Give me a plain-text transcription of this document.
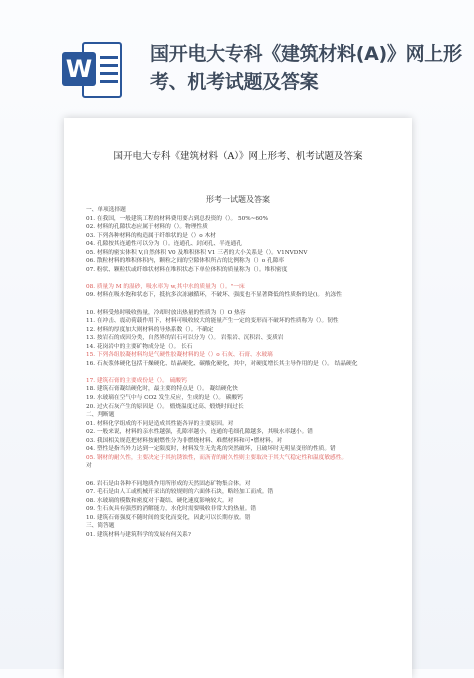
W
国开电大专科《建筑材料(A)》网上形考、机考试题及答案
国开电大专科《建筑材料（A）》网上形考、机考试题及答案
形考一试题及答案
一、单项选择题
01. 在我国，一般建筑工程的材料费用要占到总投资的（）。 50%~60%
02. 材料的孔隙状态应属于材料的（）。物理性质
03. 下列各种材料的构造属于纤维状的是（）o 木材
04. 孔隙按其连通性可以分为（）。连通孔、封闭孔、半连通孔
05. 材料的密实体积 V,自然体积 V0 及堆积体积 V1 三者的大小关系是（）。V1NVDNV
06. 散粒材料的堆积体积内，颗粒之间的空隙体积所占的比例称为（）o 孔隙率
07. 粉状、颗粒状或纤维状材料在堆积状态下单位体积的质量称为（）。堆积密度

08. 质量为 M 的湿砂，吸水率为 w,其中水的质量为（）。"一床
09. 材料在吸水饱和状态下，抵抗多次冻融循环，不破坏、强度也不显著降低的性质指的是()。 抗冻性

10. 材料受热时吸收热量，冷却时放出热量的性质为（）O 热容
11. 在冲击、震动荷载作用下，材料可吸收较大的能量产生一定的变形而不破坏的性质称为（）。韧性
12. 材料的厚度加大则材料的导热系数（）。不确定
13. 按岩石的成因分类，自然界的岩石可以分为（）。 岩浆岩、沉积岩、变质岩
14. 花岗岩中的主要矿物成分是（）。 长石
15. 下列各组胶凝材料均是气硬性胶凝材料的是（）o 石灰、石膏、水玻璃
16. 石灰浆体硬化包括干燥硬化、结晶硬化、碳酸化硬化，其中，对硬度增长其主导作用的是（）。 结晶硬化

17. 建筑石膏的主要成份是（）。 硫酸钙
18. 建筑石膏凝结硬化时，最主要的特点是（）。 凝结硬化快
19. 水玻璃在空气中与 CO2 发生反应，生成的是（）。 碳酸钙
20. 过火石灰产生的原因是（）。 煅烧温度过高、煅烧时间过长
二、判断题
01. 材料化学组成的不同是造成其性能各异的主要原因。对
02. 一般来说，材料的亲水性越强，孔隙率越小，连通的毛细孔隙越多，其吸水率越小。错
03. 我国相关规范把材料按耐燃性分为非燃烧材料、难燃材料和可•燃材料。对
04. 塑性是指当外力达到一定限度时，材料发生无先兆的突然破坏，且破坏时无明显变形的性质。错
05. 钢材的耐久性，主要决定于其抗锈蚀性，而沥青的耐久性则主要取决于其大气稳定性和温度敏感性。
对

06. 岩石是由各种不同地质作用所形成的天然固态矿物集合体。对
07. 毛石是由人工或机械开采出的较规则的六面体石块，略经加工而成。错
08. 水玻璃的模数和密度对于凝结、硬化速度影响较大。对
09. 生石灰具有强烈的消解能力，水化时需要吸收非常大的热量。错
10. 建筑石膏强度不随时间的变化而变化，因此可以长期存放。错
三、简答题
01. 建筑材料与建筑科学的发展有何关系?
